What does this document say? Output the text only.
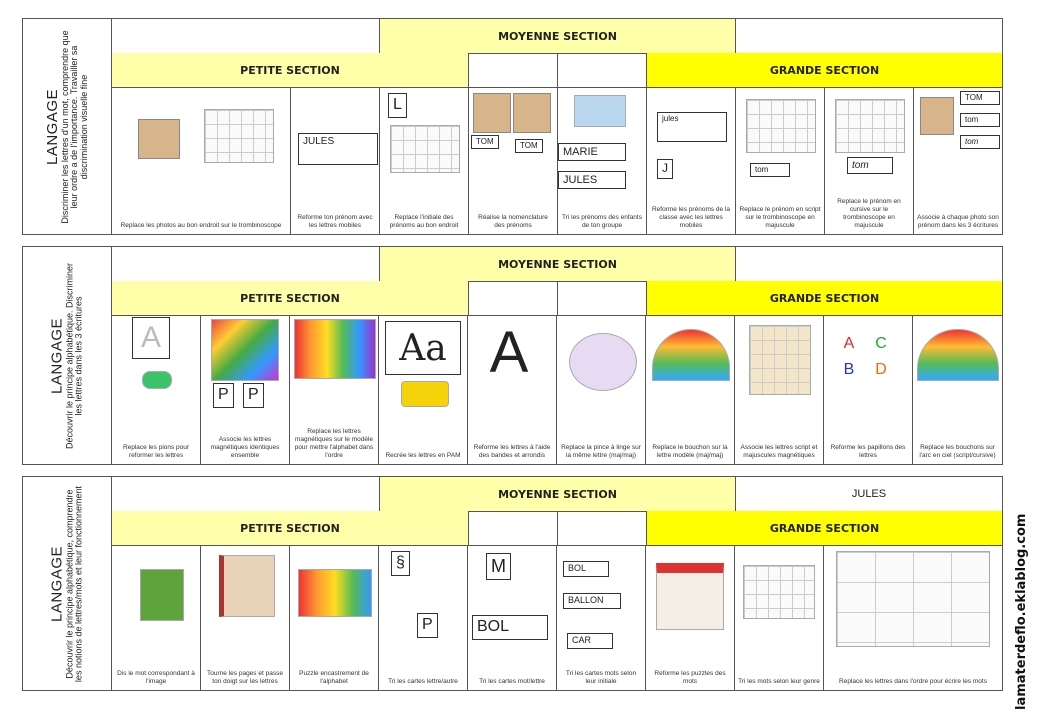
LANGAGE
Discriminer les lettres d'un mot, comprendre que leur ordre a de l'importance. Travailler sa discrimination visuelle fine
MOYENNE SECTION
PETITE SECTION	GRANDE SECTION
Replace les photos au bon endroit sur le trombinoscope
JULES
Reforme ton prénom avec les lettres mobiles
L
Replace l'initiale des prénoms au bon endroit
TOM	TOM
Réalise la nomenclature des prénoms
MARIE
JULES
Tri les prénoms des enfants de ton groupe
jules
J
Reforme les prénoms de la classe avec les lettres mobiles
tom
Replace le prénom en script sur le trombinoscope en majuscule
tom
Replace le prénom en cursive sur le trombinoscope en majuscule
TOM
tom
tom
Associe à chaque photo son prénom dans les 3 écritures
LANGAGE
Découvrir le principe alphabétique. Discriminer les lettres dans les 3 écritures
MOYENNE SECTION
PETITE SECTION	GRANDE SECTION
A
Replace les pions pour reformer les lettres
P	P
Associe les lettres magnétiques identiques ensemble
Replace les lettres magnétiques sur le modèle pour mettre l'alphabet dans l'ordre
Aa
Recrée les lettres en PAM
A
Reforme les lettres à l'aide des bandes et arrondis
Replace la pince à linge sur la même lettre (maj/maj)
Replace le bouchon sur la lettre modèle (maj/maj)
Associe les lettres script et majuscules magnétiques
A	C
B	D
Reforme les papillons des lettres
Replace les bouchons sur l'arc en ciel (script/cursive)
LANGAGE
Découvrir le principe alphabétique, comprendre les notions de lettres/mots et leur fonctionnement	MOYENNE SECTION	JULES
PETITE SECTION	GRANDE SECTION
Dis le mot correspondant à l'image
Tourne les pages et passe ton doigt sur les lettres
Puzzle encastrement de l'alphabet
§
P
Tri les cartes lettre/autre
M
BOL
Tri les cartes mot/lettre
BOL
BALLON
CAR
Tri les cartes mots selon leur initiale
Reforme les puzzles des mots	Tri les mots selon leur genre	Replace les lettres dans l'ordre pour écrire les mots	lamaterdeflo.eklablog.com
